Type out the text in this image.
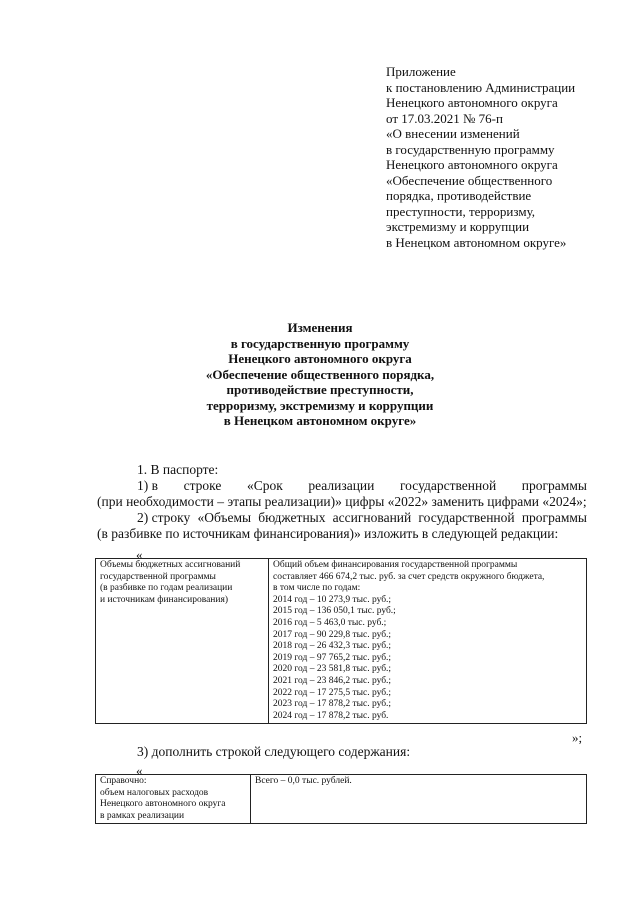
Приложение
к постановлению Администрации
Ненецкого автономного округа
от 17.03.2021 № 76-п
«О внесении изменений
в государственную программу
Ненецкого автономного округа
«Обеспечение общественного
порядка, противодействие
преступности, терроризму,
экстремизму и коррупции
в Ненецком автономном округе»
Изменения
в государственную программу
Ненецкого автономного округа
«Обеспечение общественного порядка,
противодействие преступности,
терроризму, экстремизму и коррупции
в Ненецком автономном округе»
1. В паспорте:
1) в строке «Срок реализации государственной программы
(при необходимости – этапы реализации)» цифры «2022» заменить цифрами «2024»;
2) строку «Объемы бюджетных ассигнований государственной программы
(в разбивке по источникам финансирования)» изложить в следующей редакции:
«
Объемы бюджетных ассигнований
государственной программы
(в разбивке по годам реализации
и источникам финансирования)

Общий объем финансирования государственной программы
составляет 466 674,2 тыс. руб. за счет средств окружного бюджета,
в том числе по годам:
2014 год – 10 273,9 тыс. руб.;
2015 год – 136 050,1 тыс. руб.;
2016 год – 5 463,0 тыс. руб.;
2017 год – 90 229,8 тыс. руб.;
2018 год – 26 432,3 тыс. руб.;
2019 год – 97 765,2 тыс. руб.;
2020 год – 23 581,8 тыс. руб.;
2021 год – 23 846,2 тыс. руб.;
2022 год – 17 275,5 тыс. руб.;
2023 год – 17 878,2 тыс. руб.;
2024 год – 17 878,2 тыс. руб.
»;
3) дополнить строкой следующего содержания:
«
Справочно:
объем налоговых расходов
Ненецкого автономного округа
в рамках реализации

Всего – 0,0 тыс. рублей.
